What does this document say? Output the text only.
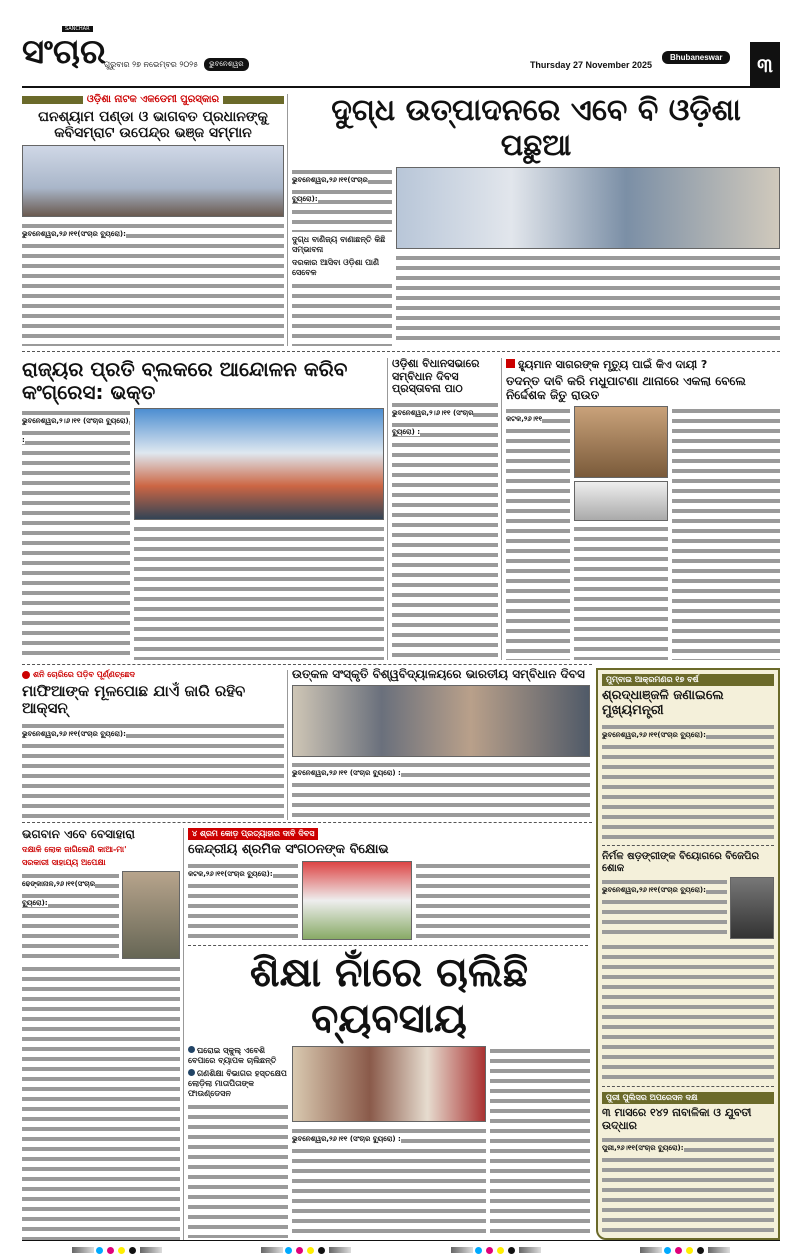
SANCHAR
ସଂଚାର
ଗୁରୁବାର ୨୭ ନଭେମ୍ବର ୨୦୨୫	ଭୁବନେଶ୍ୱର	Thursday 27 November 2025
Bhubaneswar	୩
ଓଡ଼ିଶା ନାଟକ ଏକଡେମୀ ପୁରସ୍କାର
ଘନଶ୍ୟାମ ପଣ୍ଡା ଓ ଭାଗବତ ପ୍ରଧାନଙ୍କୁ କବିସମ୍ରାଟ ଉପେନ୍ଦ୍ର ଭଞ୍ଜ ସମ୍ମାନ
ଭୁବନେଶ୍ୱର,୨୬।୧୧(ସଂଚାର ବ୍ୟୁରୋ):
ଦୁଗ୍ଧ ଉତ୍ପାଦନରେ ଏବେ ବି ଓଡ଼ିଶା ପଛୁଆ
ଭୁବନେଶ୍ୱର,୨୬।୧୧(ସଂଚାର ବ୍ୟୁରୋ):
ଦୁଗ୍ଧ ବାଣିଜ୍ୟ ବାଣାଛନ୍ତି କିଛି ସମ୍ଭାବନା
ଦରକାର ଆସିବା ଓଡ଼ିଶା ପାଣି ସେବେଳ
ରାଜ୍ୟର ପ୍ରତି ବ୍ଲକରେ ଆନ୍ଦୋଳନ କରିବ କଂଗ୍ରେସ: ଭକ୍ତ
ଭୁବନେଶ୍ୱର,୨।୬।୧୧ (ସଂଚାର ବ୍ୟୁରୋ) :
ଓଡ଼ିଶା ବିଧାନସଭାରେ ସମ୍ବିଧାନ ଦିବସ ପ୍ରସ୍ତାବନା ପାଠ
ଭୁବନେଶ୍ୱର,୨।୬।୧୧ (ସଂଚାର ବ୍ୟୁରୋ) :
ହ୍ୟୁମାନ ସାଗରଙ୍କ ମୃତ୍ୟୁ ପାଇଁ କିଏ ଦାୟୀ ?
ତଦନ୍ତ ଦାବି କରି ମଧୁପାଟଣା ଥାନାରେ ଏକଲା ବେଲେ ନିର୍ଦ୍ଦେଶକ ଜିତୁ ରାଉତ
କଟକ,୨୬।୧୧
ଶନି ଚୋରିରେ ପଡ଼ିବ ପୂର୍ଣ୍ଣଚ୍ଛେଦ
ମାଫିଆଙ୍କ ମୂଳପୋଛ ଯାଏଁ ଜାରି ରହିବ ଆକ୍ସନ୍
ଭୁବନେଶ୍ୱର,୨୬।୧୧(ସଂଚାର ବ୍ୟୁରୋ):
ଉତ୍କଳ ସଂସ୍କୃତି ବିଶ୍ୱବିଦ୍ୟାଳୟରେ ଭାରତୀୟ ସମ୍ବିଧାନ ଦିବସ
ଭୁବନେଶ୍ୱର,୨୬।୧୧ (ସଂଚାର ବ୍ୟୁରୋ) :
ମୁମ୍ବାଇ ଆକ୍ରମଣର ୧୭ ବର୍ଷ
ଶ୍ରଦ୍ଧାଞ୍ଜଳି ଜଣାଇଲେ ମୁଖ୍ୟମନ୍ତ୍ରୀ
ଭୁବନେଶ୍ୱର,୨୬।୧୧(ସଂଚାର ବ୍ୟୁରୋ):
ନିର୍ମଳ ଷଡ଼ଙ୍ଗୀଙ୍କ ବିୟୋଗରେ ବିଜେପିର ଶୋକ
ଭୁବନେଶ୍ୱର,୨୬।୧୧(ସଂଚାର ବ୍ୟୁରୋ):
ପୁରୀ ପୁଲିସର ଅପରେସନ ଦକ୍ଷ
୩ ମାସରେ ୧୪୨ ନାବାଳିକା ଓ ଯୁବତୀ ଉଦ୍ଧାର
ପୁରୀ,୨୬।୧୧(ସଂଚାର ବ୍ୟୁରୋ):
ଭଗବାନ ଏବେ ବେସାହାରା
ଦକ୍ଷାଳି ଲୋକ ଜାଗିଲେଣି କାଆ-ମା'
ସରକାରୀ ସାହାଯ୍ୟ ଅପେକ୍ଷା
ଢେଙ୍କାନାଳ,୨୬।୧୧(ସଂଚାର ବ୍ୟୁରୋ):
୪ ଶ୍ରମ କୋଡ଼ ପ୍ରତ୍ୟାହାର ଦାବି ଦିବସ
କେନ୍ଦ୍ରୀୟ ଶ୍ରମିକ ସଂଗଠନଙ୍କ ବିକ୍ଷୋଭ
କଟକ,୨୬।୧୧(ସଂଚାର ବ୍ୟୁରୋ):
ଶିକ୍ଷା ନାଁରେ ଚାଲିଛି ବ୍ୟବସାୟ
ଘରୋଇ ସ୍କୁଲ୍ ଏବେଶି ବେପାରେ ବ୍ୟାପକ ଚାଲିଛନ୍ତି
ଗଣଶିକ୍ଷା ବିଭାଗର ହସ୍ତକ୍ଷେପ ଲୋଡ଼ିଲା ମାତାପିତାଙ୍କ ଫାଉଣ୍ଡେସନ
ଭୁବନେଶ୍ୱର,୨୬।୧୧ (ସଂଚାର ବ୍ୟୁରୋ) :
